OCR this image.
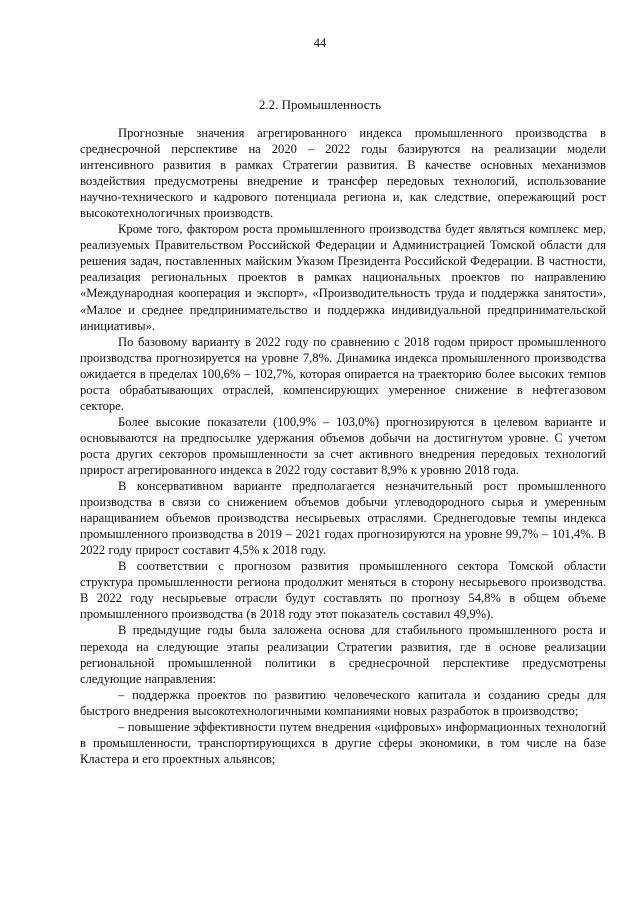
44
2.2. Промышленность

Прогнозные значения агрегированного индекса промышленного производства в среднесрочной перспективе на 2020 – 2022 годы базируются на реализации модели интенсивного развития в рамках Стратегии развития. В качестве основных механизмов воздействия предусмотрены внедрение и трансфер передовых технологий, использование научно-технического и кадрового потенциала региона и, как следствие, опережающий рост высокотехнологичных производств.

Кроме того, фактором роста промышленного производства будет являться комплекс мер, реализуемых Правительством Российской Федерации и Администрацией Томской области для решения задач, поставленных майским Указом Президента Российской Федерации. В частности, реализация региональных проектов в рамках национальных проектов по направлению «Международная кооперация и экспорт», «Производительность труда и поддержка занятости», «Малое и среднее предпринимательство и поддержка индивидуальной предпринимательской инициативы».

По базовому варианту в 2022 году по сравнению с 2018 годом прирост промышленного производства прогнозируется на уровне 7,8%. Динамика индекса промышленного производства ожидается в пределах 100,6% – 102,7%, которая опирается на траекторию более высоких темпов роста обрабатывающих отраслей, компенсирующих умеренное снижение в нефтегазовом секторе.

Более высокие показатели (100,9% – 103,0%) прогнозируются в целевом варианте и основываются на предпосылке удержания объемов добычи на достигнутом уровне. С учетом роста других секторов промышленности за счет активного внедрения передовых технологий прирост агрегированного индекса в 2022 году составит 8,9% к уровню 2018 года.

В консервативном варианте предполагается незначительный рост промышленного производства в связи со снижением объемов добычи углеводородного сырья и умеренным наращиванием объемов производства несырьевых отраслями. Среднегодовые темпы индекса промышленного производства в 2019 – 2021 годах прогнозируются на уровне 99,7% – 101,4%. В 2022 году прирост составит 4,5% к 2018 году.

В соответствии с прогнозом развития промышленного сектора Томской области структура промышленности региона продолжит меняться в сторону несырьевого производства. В 2022 году несырьевые отрасли будут составлять по прогнозу 54,8% в общем объеме промышленного производства (в 2018 году этот показатель составил 49,9%).

В предыдущие годы была заложена основа для стабильного промышленного роста и перехода на следующие этапы реализации Стратегии развития, где в основе реализации региональной промышленной политики в среднесрочной перспективе предусмотрены следующие направления:

– поддержка проектов по развитию человеческого капитала и созданию среды для быстрого внедрения высокотехнологичными компаниями новых разработок в производство;

– повышение эффективности путем внедрения «цифровых» информационных технологий в промышленности, транспортирующихся в другие сферы экономики, в том числе на базе Кластера и его проектных альянсов;
